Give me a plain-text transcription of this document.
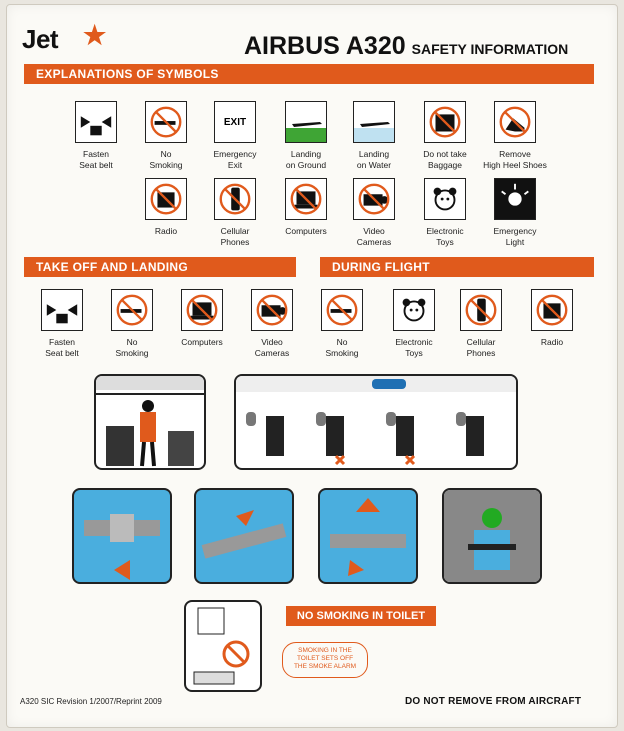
Jet ★	AIRBUS A320 SAFETY INFORMATION
EXPLANATIONS OF SYMBOLS
TAKE OFF AND LANDING	DURING FLIGHT
Fasten
Seat belt
No
Smoking
EXIT
Emergency
Exit
Landing
on Ground
Landing
on Water
Do not take
Baggage
Remove
High Heel Shoes
Radio	Cellular
Phones
Computers	Video
Cameras
Electronic
Toys
Emergency
Light
Fasten
Seat belt
No
Smoking
Computers	Video
Cameras
No
Smoking
Electronic
Toys
Cellular
Phones
Radio
NO SMOKING IN TOILET
SMOKING IN THE
TOILET SETS OFF
THE SMOKE ALARM
A320 SIC Revision 1/2007/Reprint 2009	DO NOT REMOVE FROM AIRCRAFT
